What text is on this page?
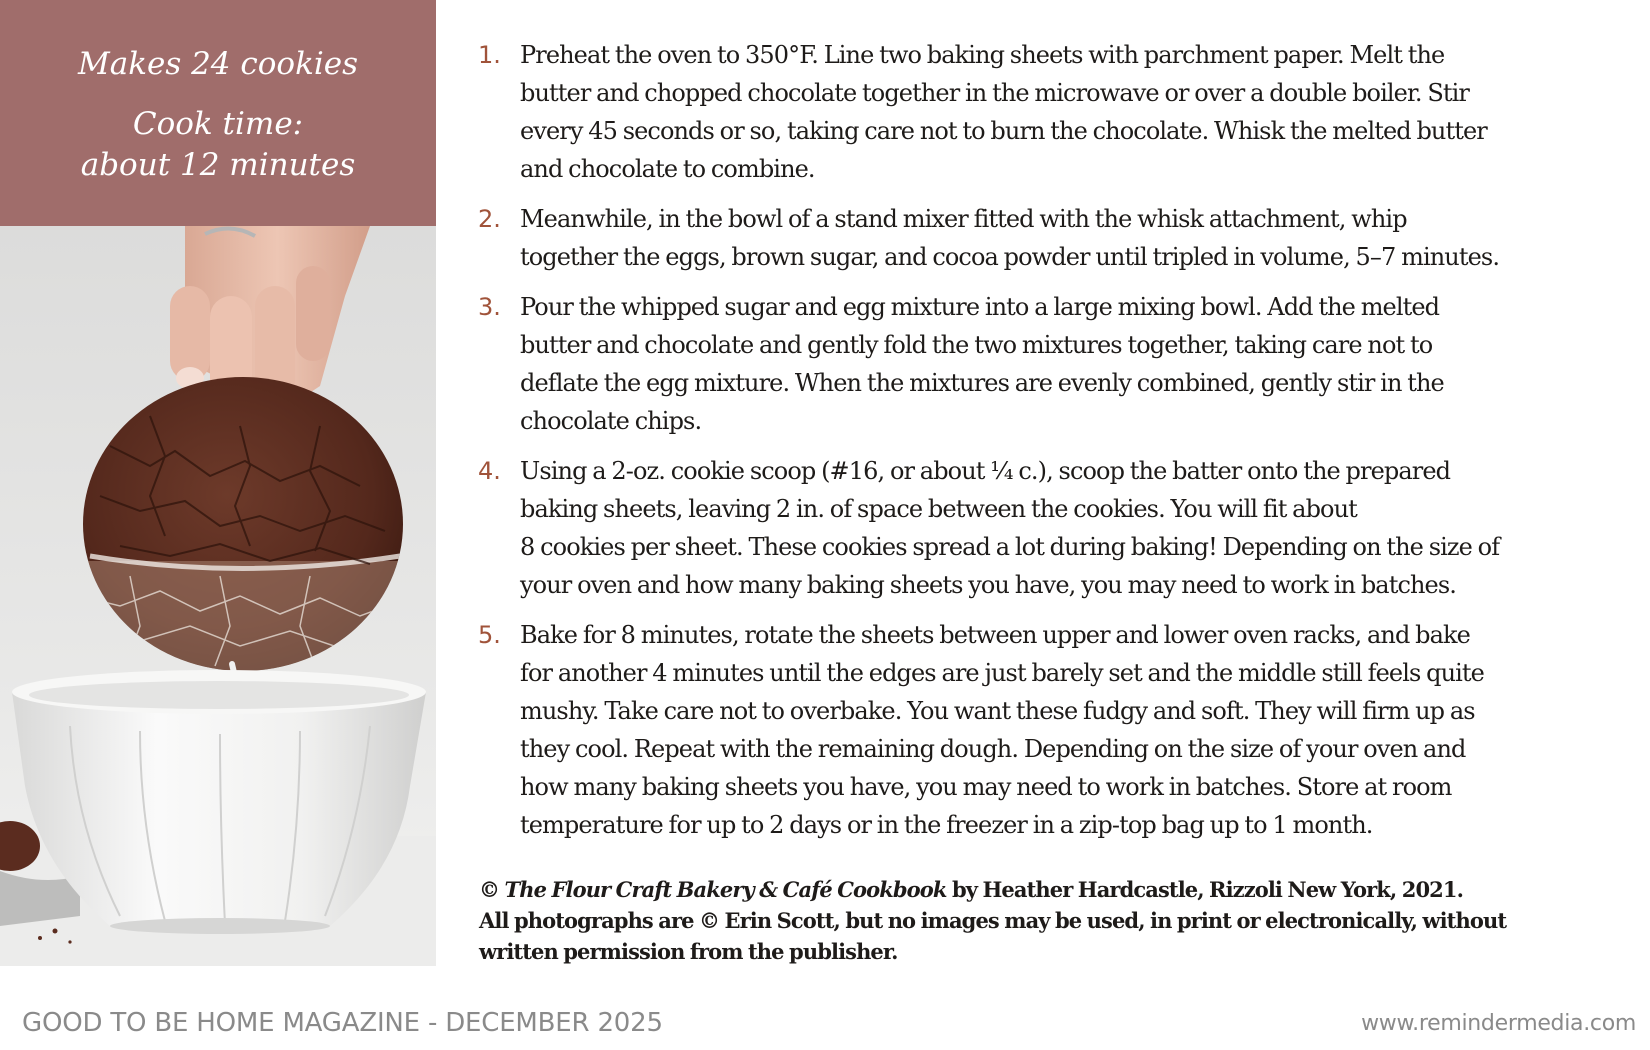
Makes 24 cookies
Cook time:
about 12 minutes
1. Preheat the oven to 350°F. Line two baking sheets with parchment paper. Melt the
butter and chopped chocolate together in the microwave or over a double boiler. Stir
every 45 seconds or so, taking care not to burn the chocolate. Whisk the melted butter
and chocolate to combine.
2. Meanwhile, in the bowl of a stand mixer fitted with the whisk attachment, whip
together the eggs, brown sugar, and cocoa powder until tripled in volume, 5–7 minutes.
3. Pour the whipped sugar and egg mixture into a large mixing bowl. Add the melted
butter and chocolate and gently fold the two mixtures together, taking care not to
deflate the egg mixture. When the mixtures are evenly combined, gently stir in the
chocolate chips.
4. Using a 2-oz. cookie scoop (#16, or about ¼ c.), scoop the batter onto the prepared
baking sheets, leaving 2 in. of space between the cookies. You will fit about
8 cookies per sheet. These cookies spread a lot during baking! Depending on the size of
your oven and how many baking sheets you have, you may need to work in batches.
5. Bake for 8 minutes, rotate the sheets between upper and lower oven racks, and bake
for another 4 minutes until the edges are just barely set and the middle still feels quite
mushy. Take care not to overbake. You want these fudgy and soft. They will firm up as
they cool. Repeat with the remaining dough. Depending on the size of your oven and
how many baking sheets you have, you may need to work in batches. Store at room
temperature for up to 2 days or in the freezer in a zip-top bag up to 1 month.
© The Flour Craft Bakery & Café Cookbook by Heather Hardcastle, Rizzoli New York, 2021.
All photographs are © Erin Scott, but no images may be used, in print or electronically, without
written permission from the publisher.
GOOD TO BE HOME MAGAZINE - DECEMBER 2025	www.remindermedia.com
